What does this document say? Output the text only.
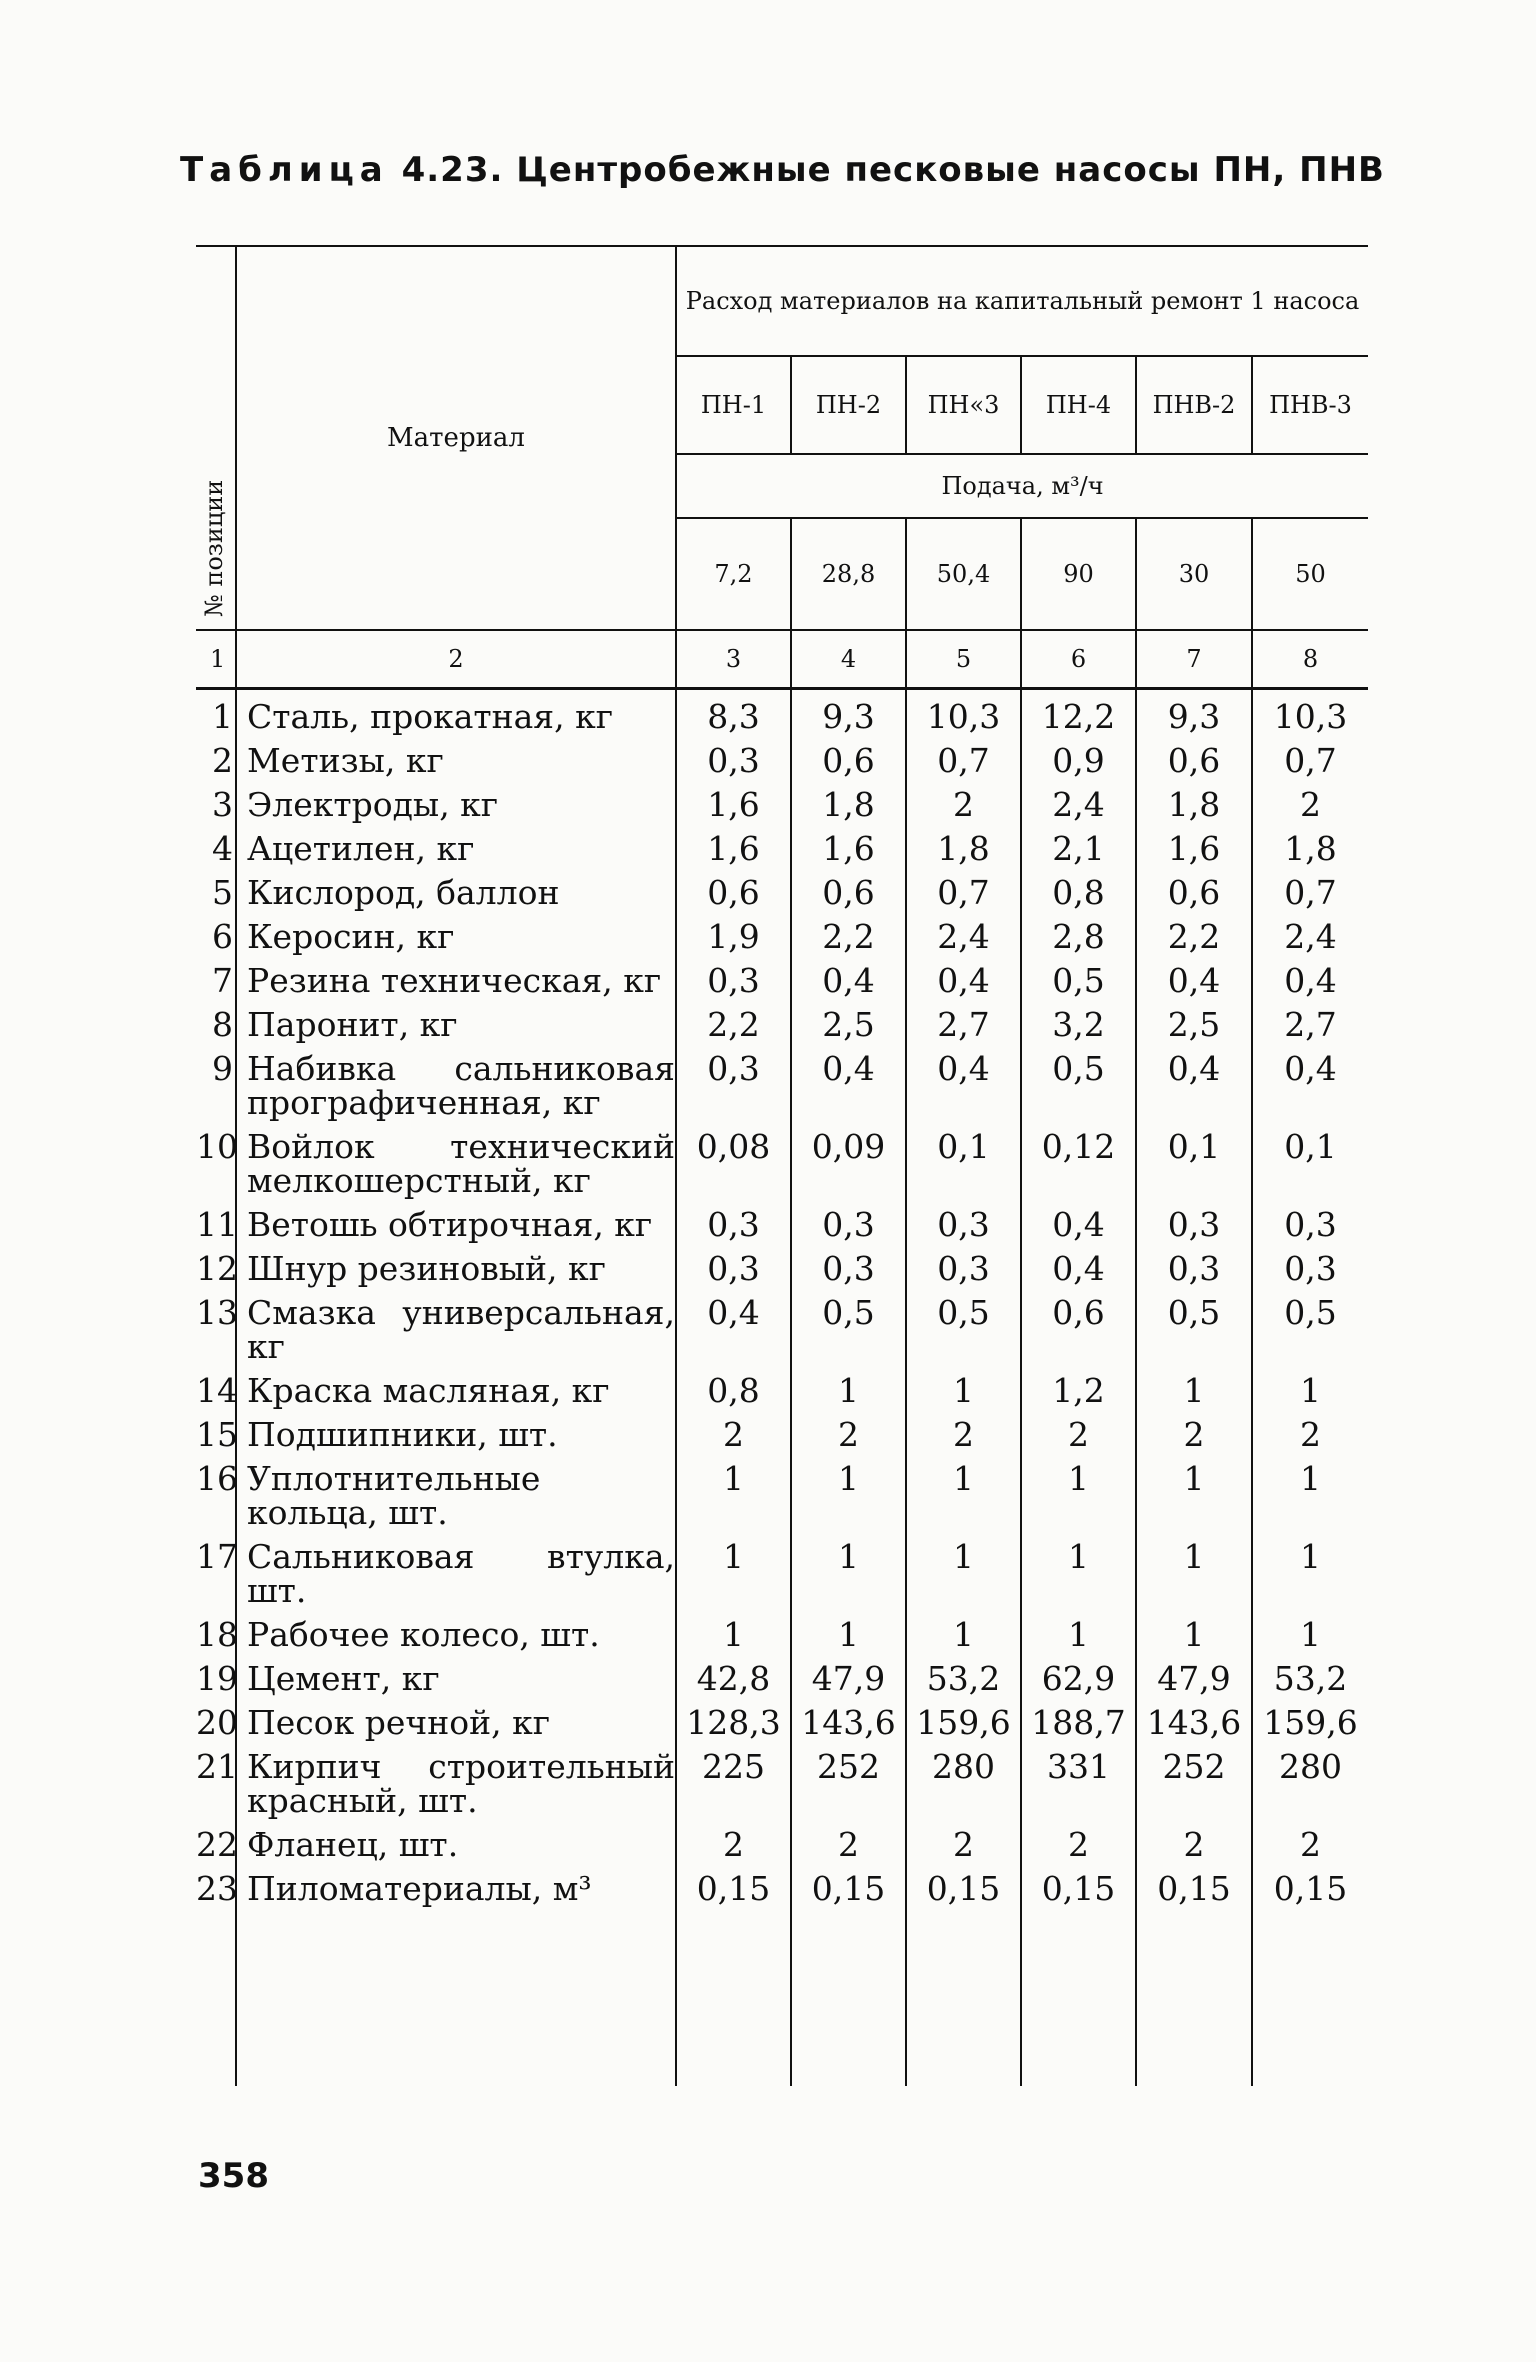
Таблица 4.23. Центробежные песковые насосы ПН, ПНВ
№ позиции	Материал	Расход материалов на капитальный ремонт 1 насоса					
		ПН-1	ПН-2	ПН«3	ПН-4	ПНВ-2	ПНВ-3
		Подача, м³/ч					
		7,2	28,8	50,4	90	30	50
1	2	3	4	5	6	7	8
1	Сталь, прокатная, кг	8,3	9,3	10,3	12,2	9,3	10,3
2	Метизы, кг	0,3	0,6	0,7	0,9	0,6	0,7
3	Электроды, кг	1,6	1,8	2	2,4	1,8	2
4	Ацетилен, кг	1,6	1,6	1,8	2,1	1,6	1,8
5	Кислород, баллон	0,6	0,6	0,7	0,8	0,6	0,7
6	Керосин, кг	1,9	2,2	2,4	2,8	2,2	2,4
7	Резина техническая, кг	0,3	0,4	0,4	0,5	0,4	0,4
8	Паронит, кг	2,2	2,5	2,7	3,2	2,5	2,7
9	Набивка сальниковая прографиченная, кг	0,3	0,4	0,4	0,5	0,4	0,4
10	Войлок технический мелкошерстный, кг	0,08	0,09	0,1	0,12	0,1	0,1
11	Ветошь обтирочная, кг	0,3	0,3	0,3	0,4	0,3	0,3
12	Шнур резиновый, кг	0,3	0,3	0,3	0,4	0,3	0,3
13	Смазка универсальная, кг	0,4	0,5	0,5	0,6	0,5	0,5
14	Краска масляная, кг	0,8	1	1	1,2	1	1
15	Подшипники, шт.	2	2	2	2	2	2
16	Уплотнительные кольца, шт.	1	1	1	1	1	1
17	Сальниковая втулка, шт.	1	1	1	1	1	1
18	Рабочее колесо, шт.	1	1	1	1	1	1
19	Цемент, кг	42,8	47,9	53,2	62,9	47,9	53,2
20	Песок речной, кг	128,3	143,6	159,6	188,7	143,6	159,6
21	Кирпич строительный красный, шт.	225	252	280	331	252	280
22	Фланец, шт.	2	2	2	2	2	2
23	Пиломатериалы, м³	0,15	0,15	0,15	0,15	0,15	0,15

358
